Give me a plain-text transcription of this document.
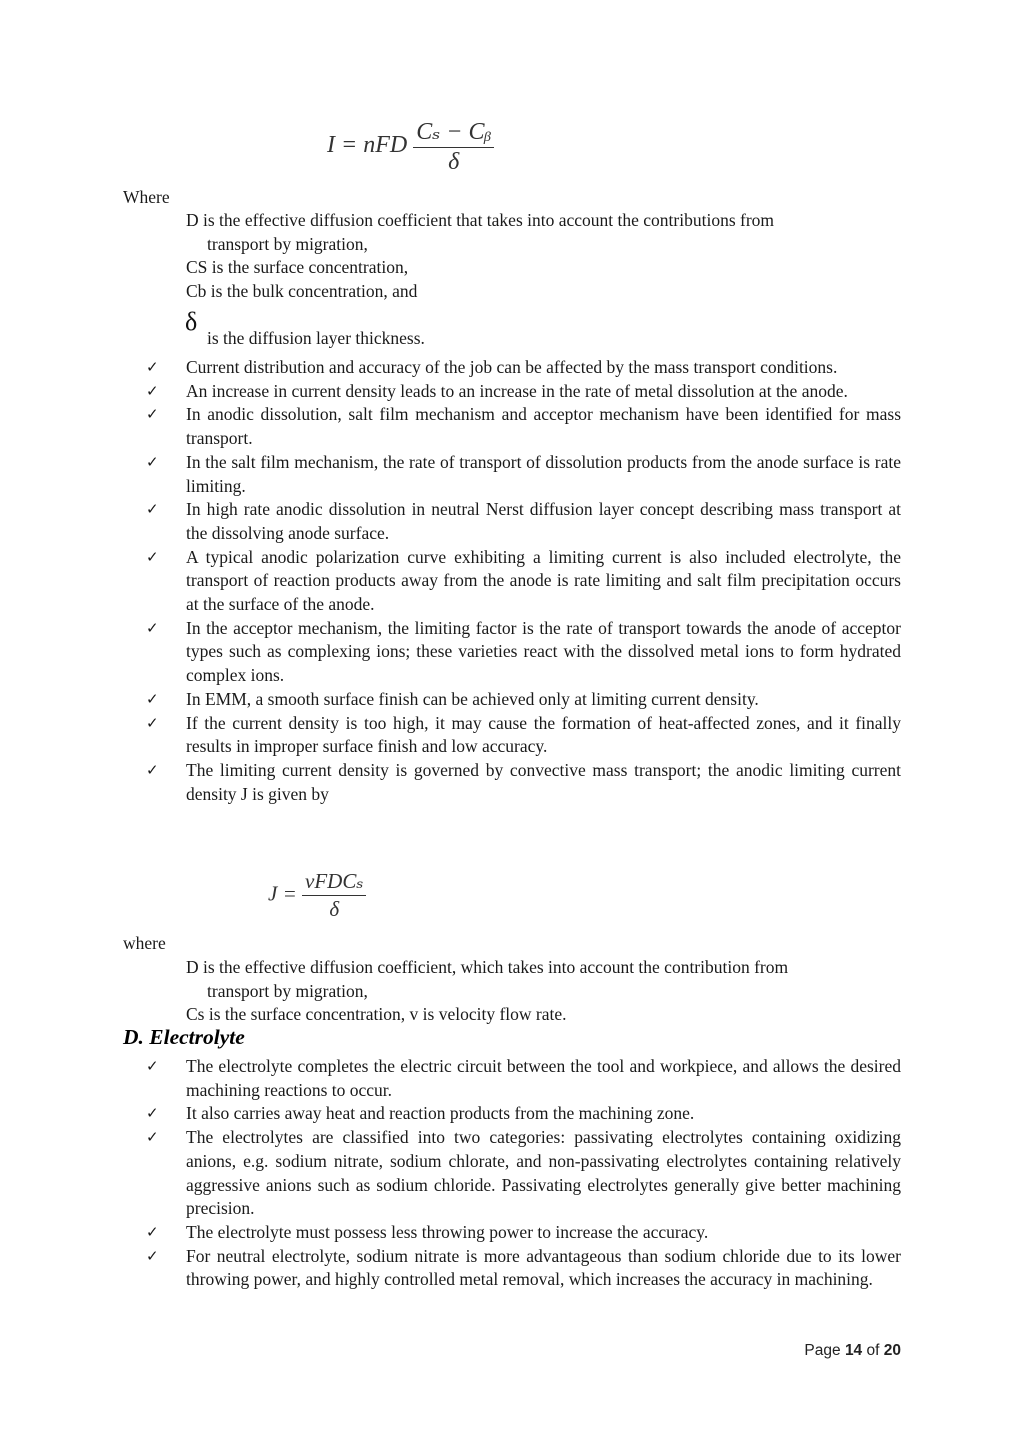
I = nFD $\frac{\text{Cₛ − Cᵦ}}{\delta}$
Where
D is the effective diffusion coefficient that takes into account the contributions from
transport by migration,
CS is the surface concentration,
Cb is the bulk concentration, and
δ
is the diffusion layer thickness.
✓ Current distribution and accuracy of the job can be affected by the mass transport conditions.
✓ An increase in current density leads to an increase in the rate of metal dissolution at the anode.
✓ In anodic dissolution, salt film mechanism and acceptor mechanism have been identified for mass transport.
✓ In the salt film mechanism, the rate of transport of dissolution products from the anode surface is rate limiting.
✓ In high rate anodic dissolution in neutral Nerst diffusion layer concept describing mass transport at the dissolving anode surface.
✓ A typical anodic polarization curve exhibiting a limiting current is also included electrolyte, the transport of reaction products away from the anode is rate limiting and salt film precipitation occurs at the surface of the anode.
✓ In the acceptor mechanism, the limiting factor is the rate of transport towards the anode of acceptor types such as complexing ions; these varieties react with the dissolved metal ions to form hydrated complex ions.
✓ In EMM, a smooth surface finish can be achieved only at limiting current density.
✓ If the current density is too high, it may cause the formation of heat-affected zones, and it finally results in improper surface finish and low accuracy.
✓ The limiting current density is governed by convective mass transport; the anodic limiting current density J is given by
$J = \frac{\text{vFDCₛ}}{\delta}$
where
D is the effective diffusion coefficient, which takes into account the contribution from
transport by migration,
Cs is the surface concentration, v is velocity flow rate.
D. Electrolyte
✓ The electrolyte completes the electric circuit between the tool and workpiece, and allows the desired machining reactions to occur.
✓ It also carries away heat and reaction products from the machining zone.
✓ The electrolytes are classified into two categories: passivating electrolytes containing oxidizing anions, e.g. sodium nitrate, sodium chlorate, and non-passivating electrolytes containing relatively aggressive anions such as sodium chloride. Passivating electrolytes generally give better machining precision.
✓ The electrolyte must possess less throwing power to increase the accuracy.
✓ For neutral electrolyte, sodium nitrate is more advantageous than sodium chloride due to its lower throwing power, and highly controlled metal removal, which increases the accuracy in machining.
Page 14 of 20
